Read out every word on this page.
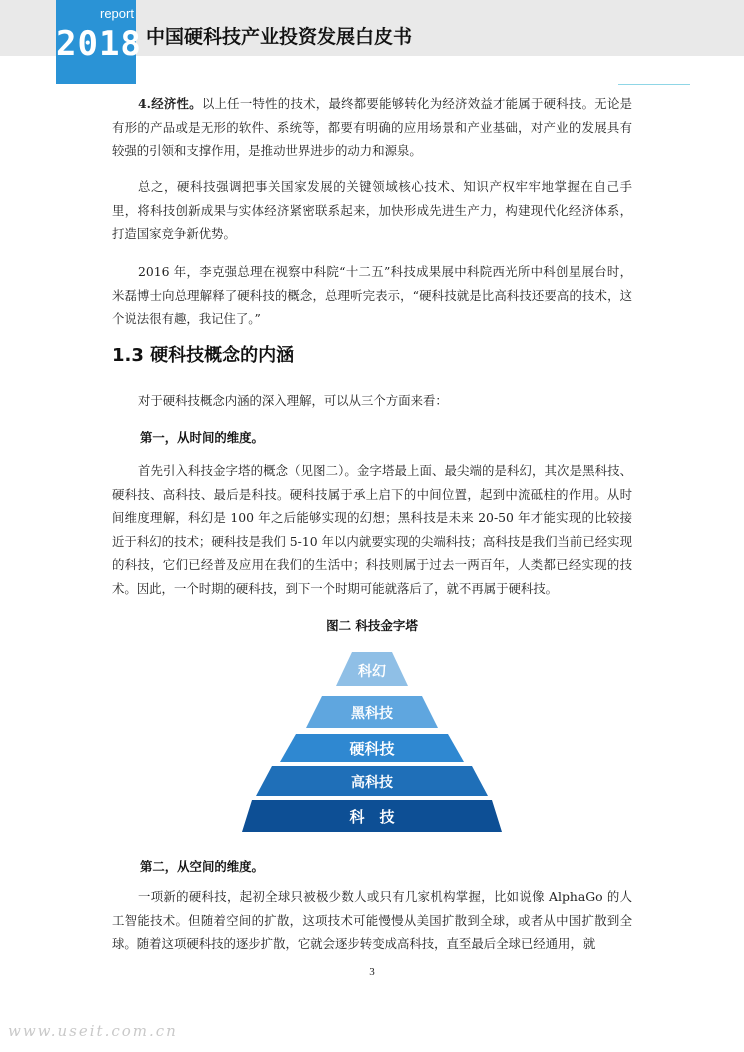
report
2018 中国硬科技产业投资发展白皮书
4.经济性。以上任一特性的技术，最终都要能够转化为经济效益才能属于硬科技。无论是有形的产品或是无形的软件、系统等，都要有明确的应用场景和产业基础，对产业的发展具有较强的引领和支撑作用，是推动世界进步的动力和源泉。
总之，硬科技强调把事关国家发展的关键领域核心技术、知识产权牢牢地掌握在自己手里，将科技创新成果与实体经济紧密联系起来，加快形成先进生产力，构建现代化经济体系，打造国家竞争新优势。
2016 年，李克强总理在视察中科院“十二五”科技成果展中科院西光所中科创星展台时，米磊博士向总理解释了硬科技的概念，总理听完表示，“硬科技就是比高科技还要高的技术，这个说法很有趣，我记住了。”
1.3 硬科技概念的内涵
对于硬科技概念内涵的深入理解，可以从三个方面来看：
第一，从时间的维度。
首先引入科技金字塔的概念（见图二）。金字塔最上面、最尖端的是科幻，其次是黑科技、硬科技、高科技、最后是科技。硬科技属于承上启下的中间位置，起到中流砥柱的作用。从时间维度理解，科幻是 100 年之后能够实现的幻想；黑科技是未来 20-50 年才能实现的比较接近于科幻的技术；硬科技是我们 5-10 年以内就要实现的尖端科技；高科技是我们当前已经实现的科技，它们已经普及应用在我们的生活中；科技则属于过去一两百年，人类都已经实现的技术。因此，一个时期的硬科技，到下一个时期可能就落后了，就不再属于硬科技。
图二 科技金字塔
科幻
黑科技
硬科技
高科技
科　技
第二，从空间的维度。
一项新的硬科技，起初全球只被极少数人或只有几家机构掌握，比如说像 AlphaGo 的人工智能技术。但随着空间的扩散，这项技术可能慢慢从美国扩散到全球，或者从中国扩散到全球。随着这项硬科技的逐步扩散，它就会逐步转变成高科技，直至最后全球已经通用，就
3
www.useit.com.cn
